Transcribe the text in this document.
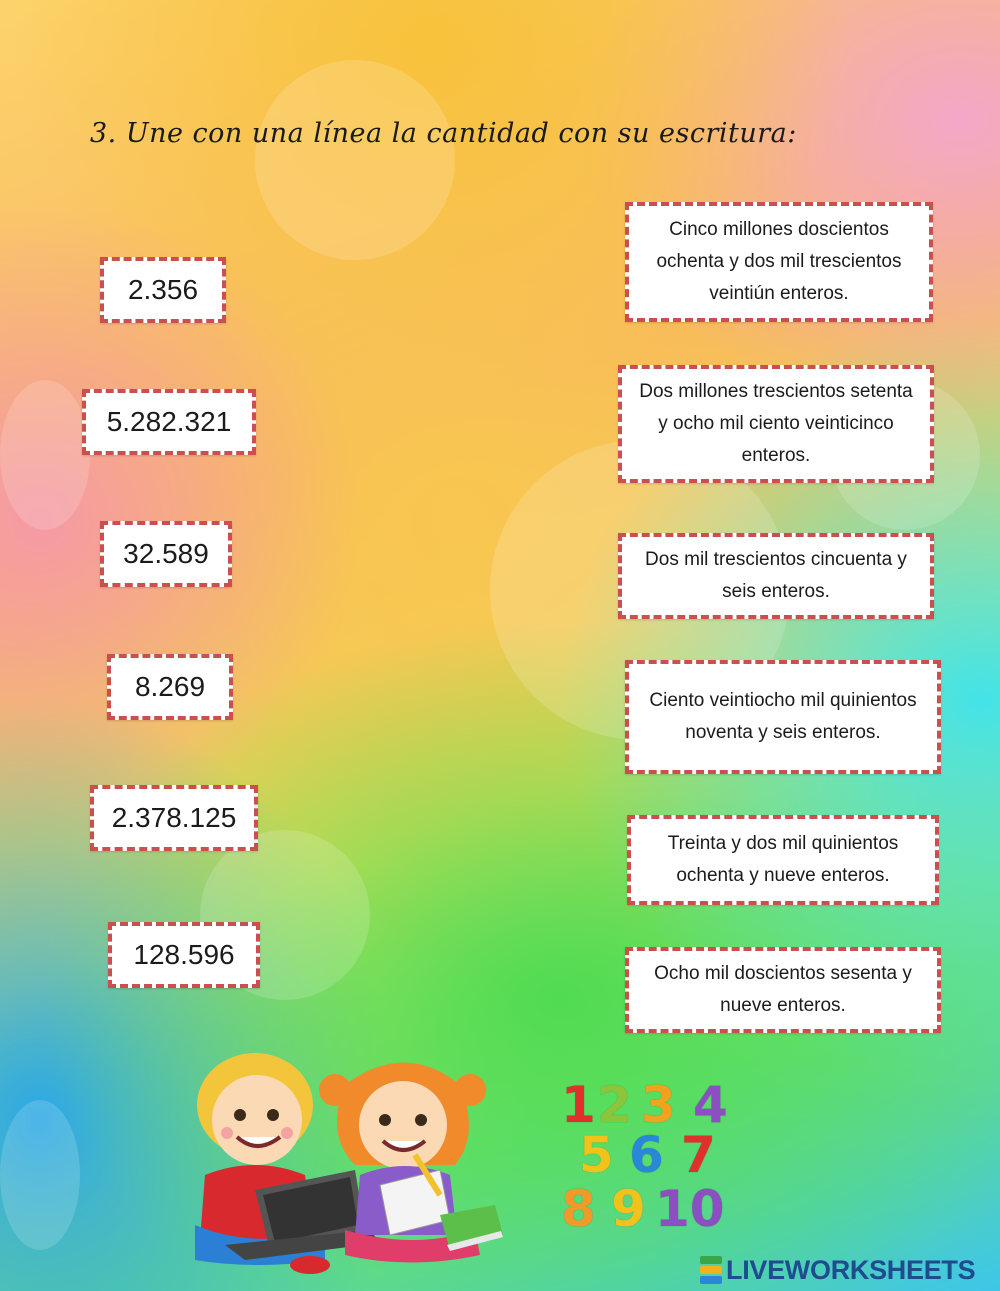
3. Une con una línea la cantidad con su escritura:
2.356
5.282.321
32.589
8.269
2.378.125
128.596
Cinco millones doscientos ochenta y dos mil trescientos veintiún enteros.
Dos millones trescientos setenta y ocho mil ciento veinticinco enteros.
Dos mil trescientos cincuenta y seis enteros.
Ciento veintiocho mil quinientos noventa y seis enteros.
Treinta y dos mil quinientos ochenta y nueve enteros.
Ocho mil doscientos sesenta y nueve enteros.
1 2 3 4
5 6 7
8 9 10
LIVEWORKSHEETS
